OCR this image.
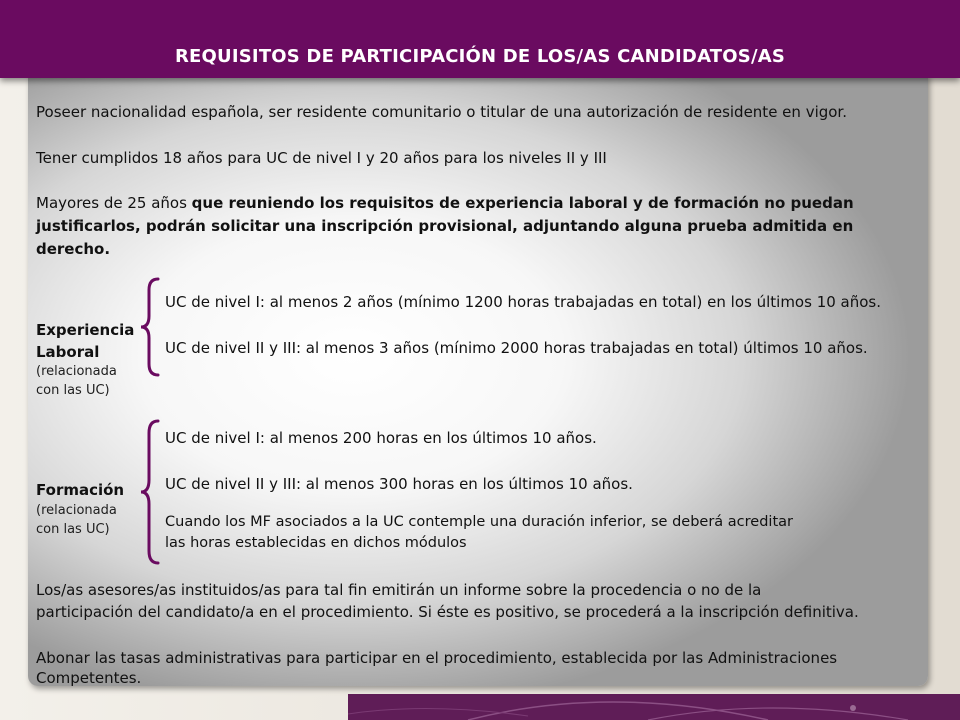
REQUISITOS DE PARTICIPACIÓN DE LOS/AS CANDIDATOS/AS
Poseer nacionalidad española, ser residente comunitario o titular de una autorización de residente en vigor.
Tener cumplidos 18 años para UC de nivel I y 20 años para los niveles II y III
Mayores de 25 años que reuniendo los requisitos de experiencia laboral y de formación no puedan
justificarlos, podrán solicitar una inscripción provisional, adjuntando alguna prueba admitida en
derecho.
Experiencia
Laboral
(relacionada
con las UC)
UC de nivel I: al menos 2 años (mínimo 1200 horas trabajadas en total) en los últimos 10 años.
UC de nivel II y III: al menos 3 años (mínimo 2000 horas trabajadas en total) últimos 10 años.
Formación
(relacionada
con las UC)
UC de nivel I: al menos 200 horas en los últimos 10 años.
UC de nivel II y III: al menos 300 horas en los últimos 10 años.
Cuando los MF asociados a la UC contemple una duración inferior, se deberá acreditar
las horas establecidas en dichos módulos
Los/as asesores/as instituidos/as para tal fin emitirán un informe sobre la procedencia o no de la
participación del candidato/a en el procedimiento. Si éste es positivo, se procederá a la inscripción definitiva.
Abonar las tasas administrativas para participar en el procedimiento, establecida por las Administraciones
Competentes.
